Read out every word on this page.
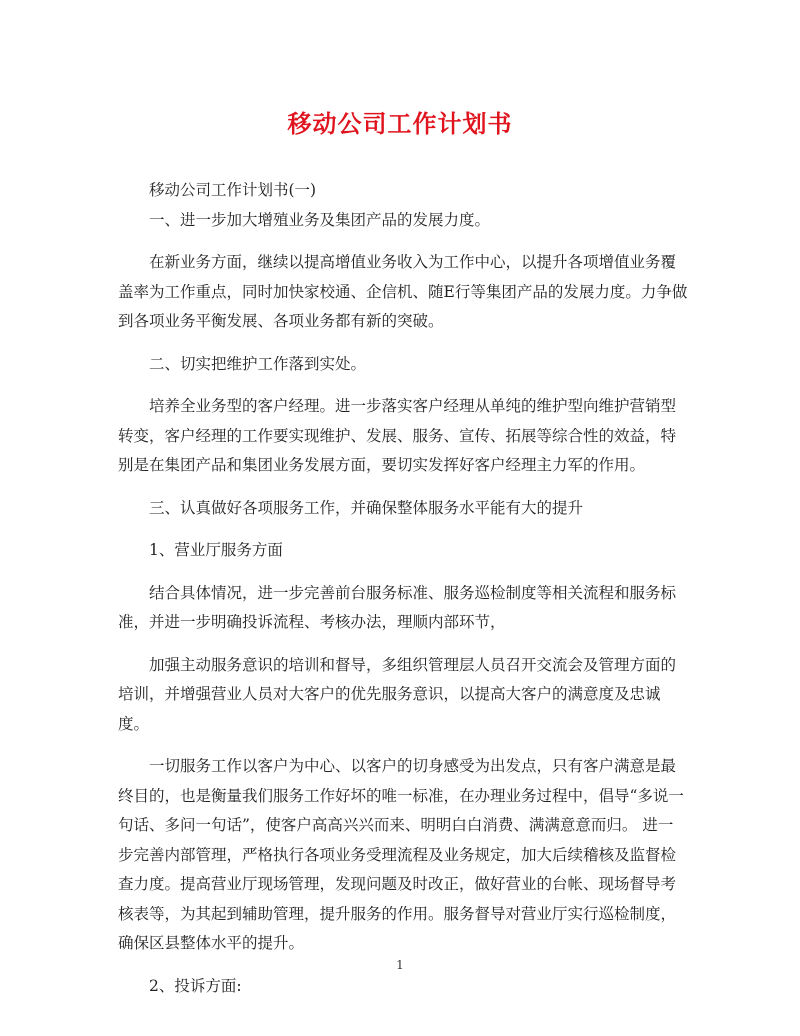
移动公司工作计划书

移动公司工作计划书(一)

一、进一步加大增殖业务及集团产品的发展力度。

在新业务方面，继续以提高增值业务收入为工作中心，以提升各项增值业务覆盖率为工作重点，同时加快家校通、企信机、随E行等集团产品的发展力度。力争做到各项业务平衡发展、各项业务都有新的突破。

二、切实把维护工作落到实处。

培养全业务型的客户经理。进一步落实客户经理从单纯的维护型向维护营销型转变，客户经理的工作要实现维护、发展、服务、宣传、拓展等综合性的效益，特别是在集团产品和集团业务发展方面，要切实发挥好客户经理主力军的作用。

三、认真做好各项服务工作，并确保整体服务水平能有大的提升

1、营业厅服务方面

结合具体情况，进一步完善前台服务标准、服务巡检制度等相关流程和服务标准，并进一步明确投诉流程、考核办法，理顺内部环节，

加强主动服务意识的培训和督导，多组织管理层人员召开交流会及管理方面的培训，并增强营业人员对大客户的优先服务意识，以提高大客户的满意度及忠诚度。

一切服务工作以客户为中心、以客户的切身感受为出发点，只有客户满意是最终目的，也是衡量我们服务工作好坏的唯一标准，在办理业务过程中，倡导“多说一句话、多问一句话”，使客户高高兴兴而来、明明白白消费、满满意意而归。 进一步完善内部管理，严格执行各项业务受理流程及业务规定，加大后续稽核及监督检查力度。提高营业厅现场管理，发现问题及时改正，做好营业的台帐、现场督导考核表等，为其起到辅助管理，提升服务的作用。服务督导对营业厅实行巡检制度，确保区县整体水平的提升。

2、投诉方面:

1
